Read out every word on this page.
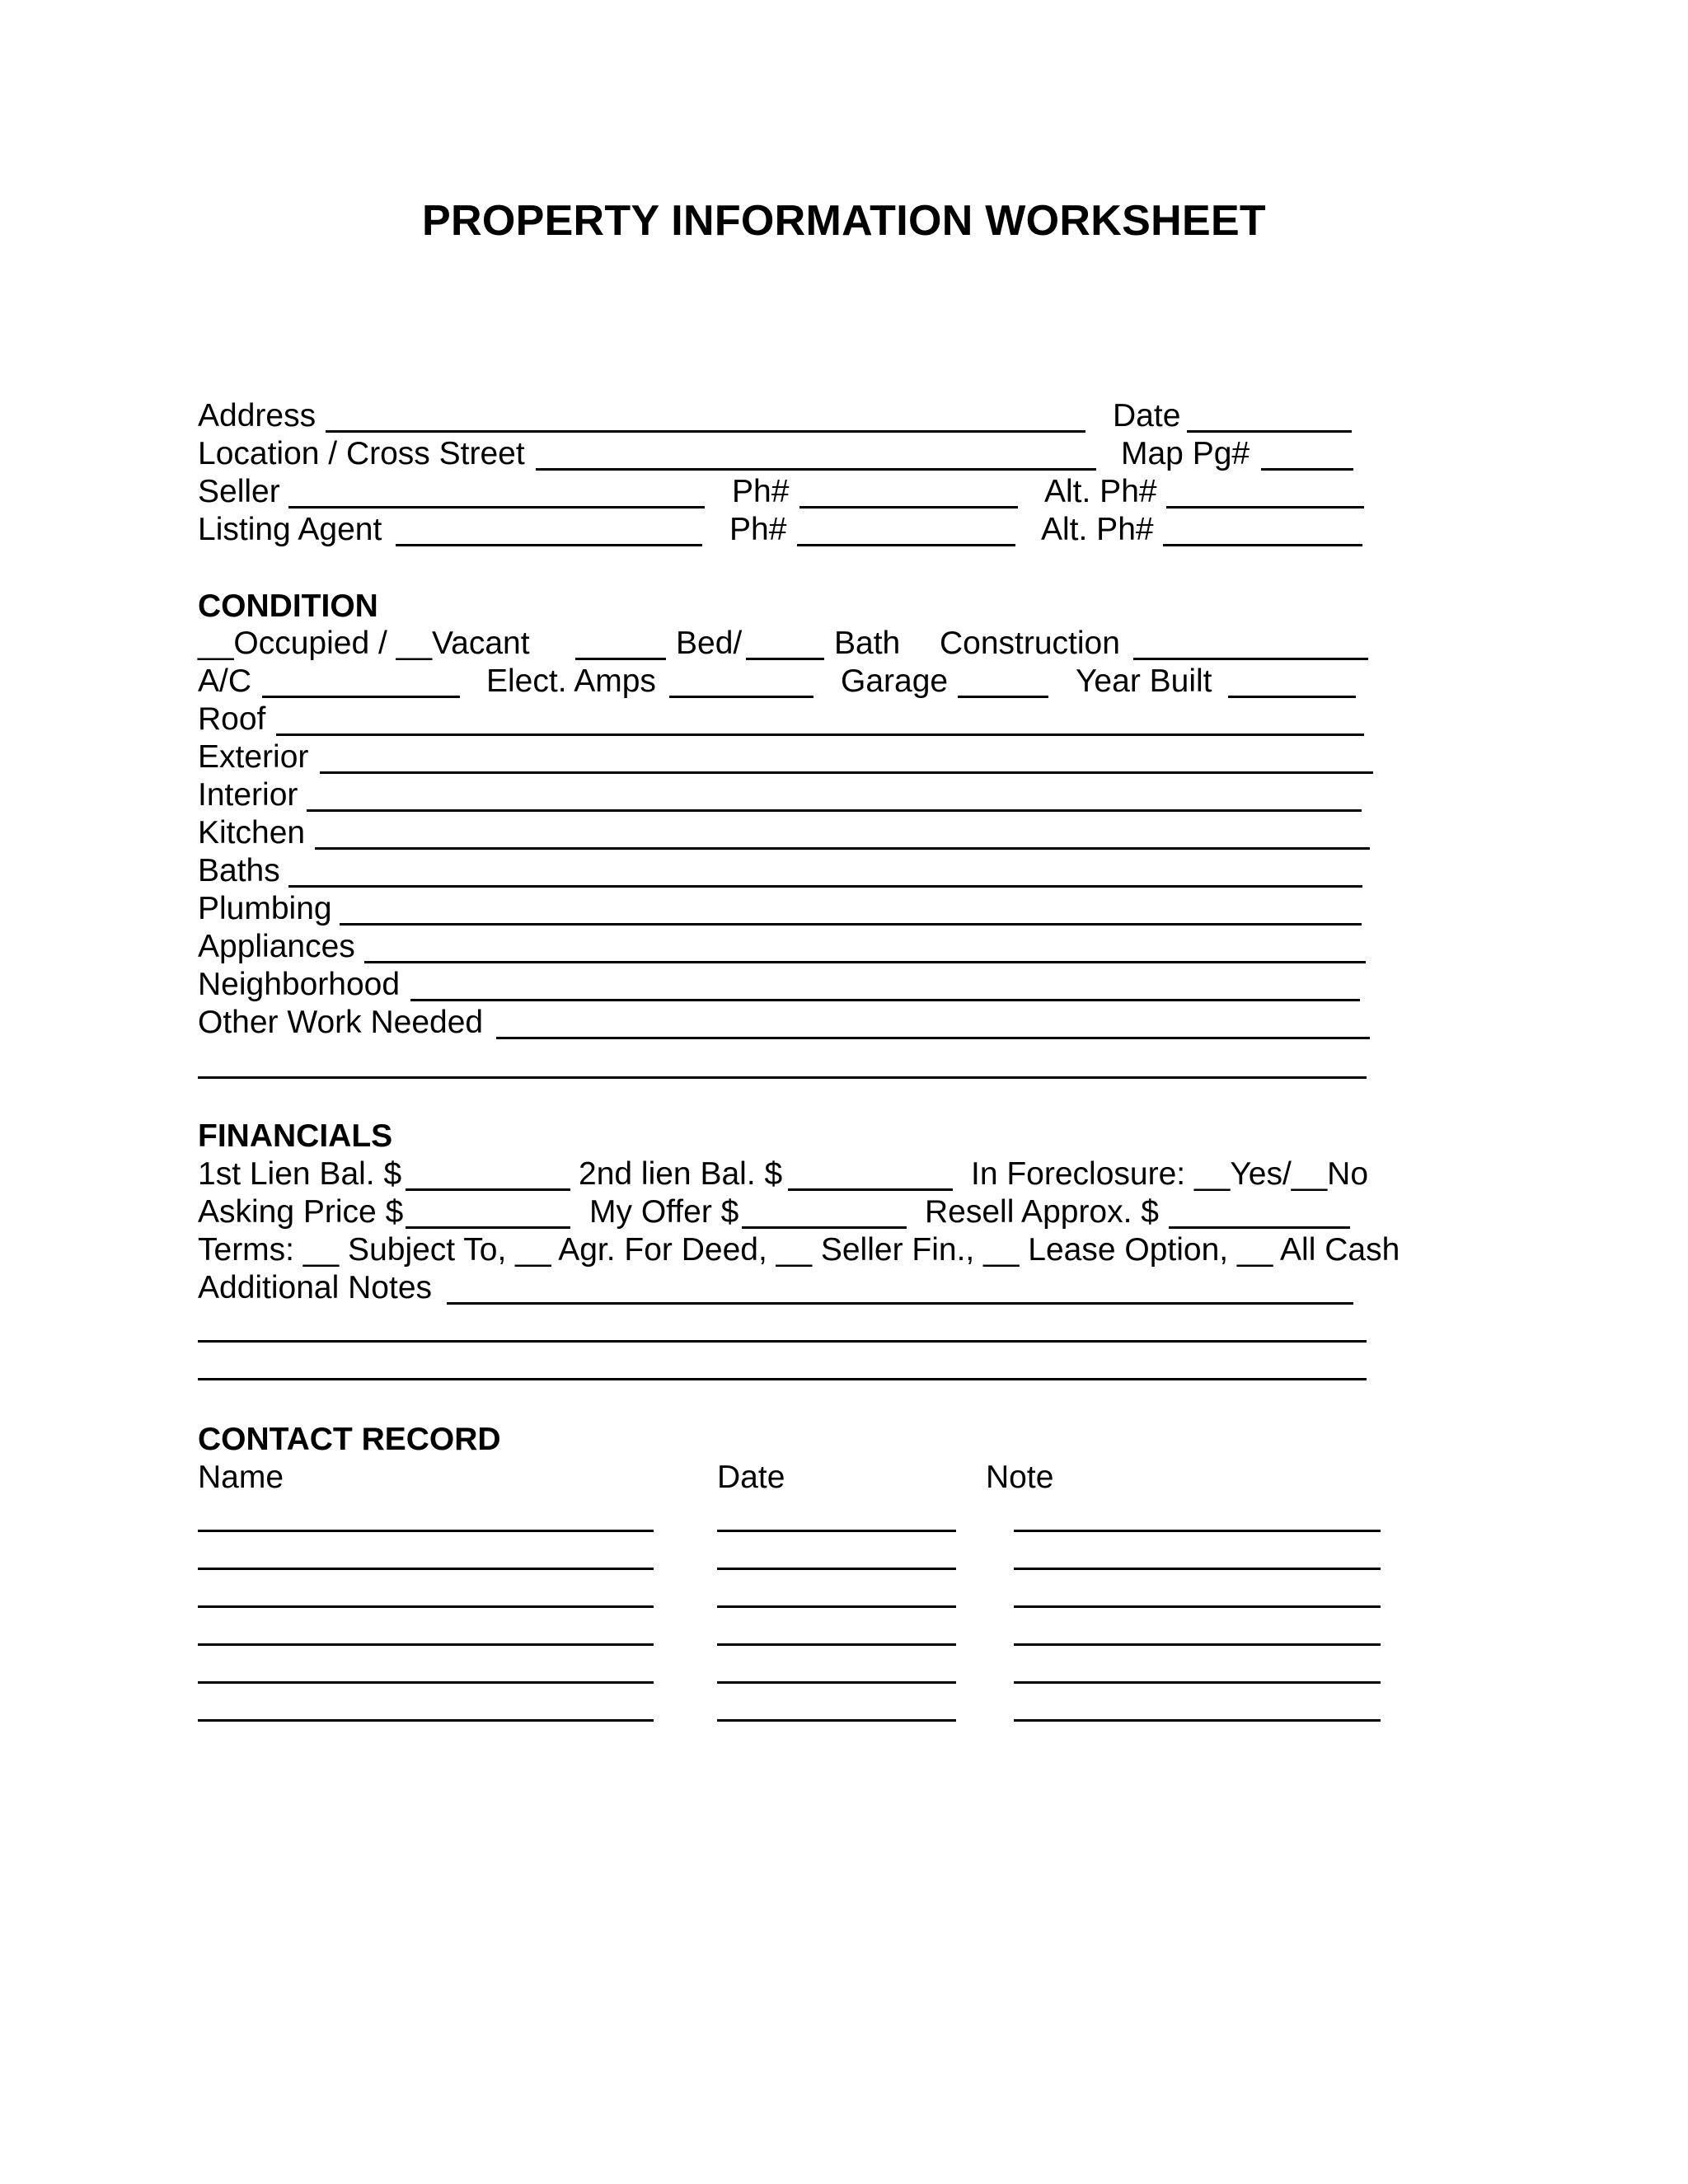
PROPERTY INFORMATION WORKSHEET
Address	Date
Location / Cross Street	Map Pg#
Seller	Ph#	Alt. Ph#
Listing Agent	Ph#	Alt. Ph#
CONDITION
__Occupied / __Vacant	Bed/	Bath Construction
A/C	Elect. Amps	Garage	Year Built
Roof
Exterior
Interior
Kitchen
Baths
Plumbing
Appliances
Neighborhood
Other Work Needed
FINANCIALS
1st Lien Bal. $	2nd lien Bal. $	In Foreclosure: __Yes/__No
Asking Price $	My Offer $	Resell Approx. $
Terms: __ Subject To, __ Agr. For Deed, __ Seller Fin., __ Lease Option, __ All Cash
Additional Notes
CONTACT RECORD
Name	Date	Note
